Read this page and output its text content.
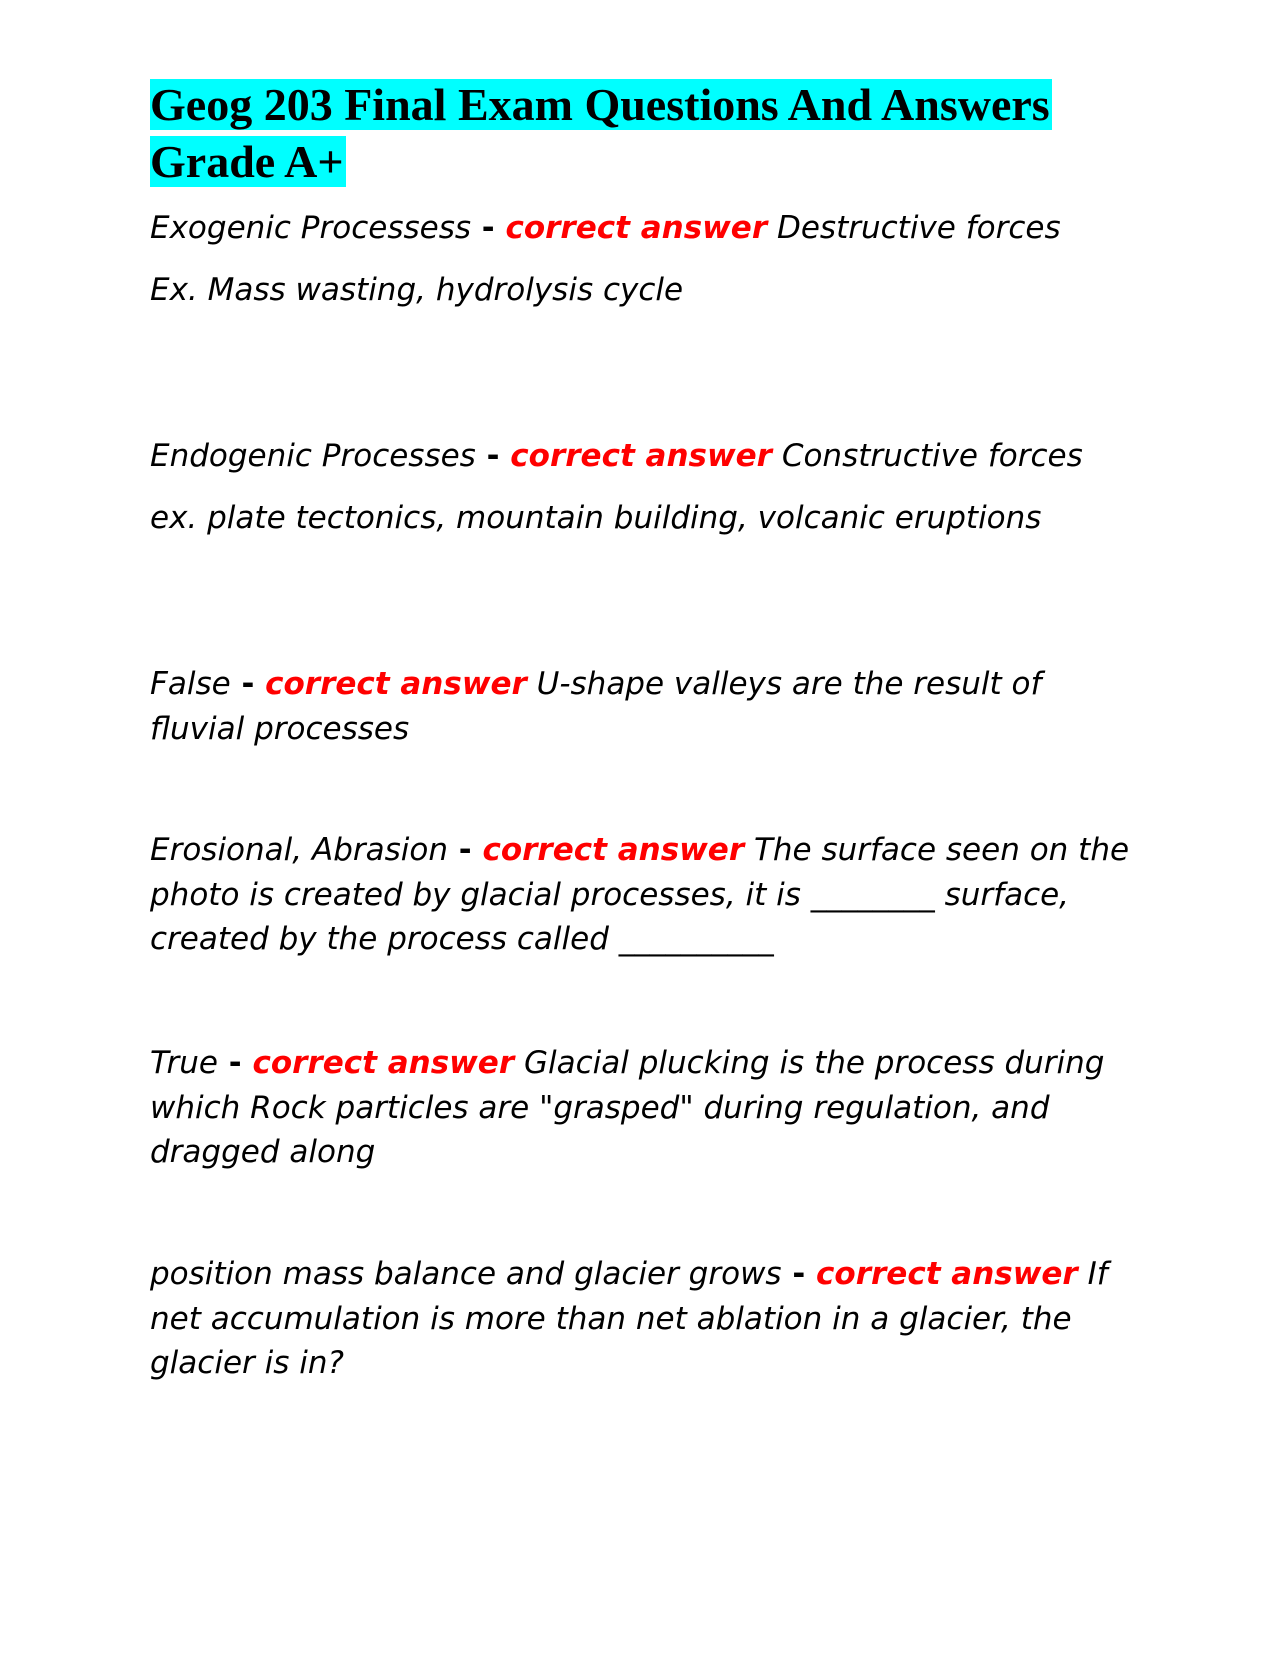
Geog 203 Final Exam Questions And Answers Grade A+

Exogenic Processess - correct answer Destructive forces
Ex. Mass wasting, hydrolysis cycle

Endogenic Processes - correct answer Constructive forces
ex. plate tectonics, mountain building, volcanic eruptions

False - correct answer U-shape valleys are the result of fluvial processes

Erosional, Abrasion - correct answer The surface seen on the photo is created by glacial processes, it is ________ surface, created by the process called __________

True - correct answer Glacial plucking is the process during which Rock particles are "grasped" during regulation, and dragged along

position mass balance and glacier grows - correct answer If net accumulation is more than net ablation in a glacier, the glacier is in?
